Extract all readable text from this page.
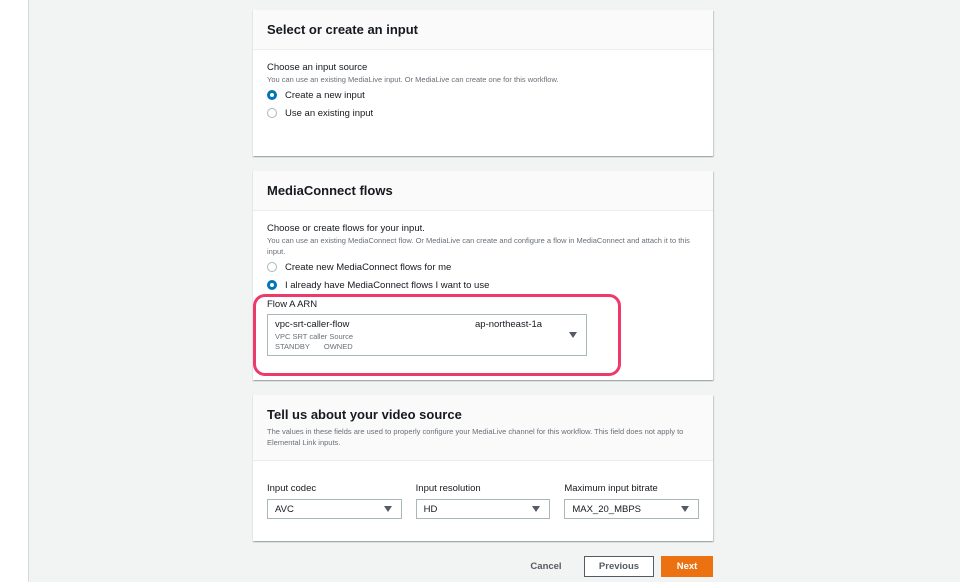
Select or create an input
Choose an input source
You can use an existing MediaLive input. Or MediaLive can create one for this workflow.
Create a new input
Use an existing input
MediaConnect flows
Choose or create flows for your input.
You can use an existing MediaConnect flow. Or MediaLive can create and configure a flow in MediaConnect and attach it to this input.
Create new MediaConnect flows for me
I already have MediaConnect flows I want to use
Flow A ARN
vpc-srt-caller-flow	ap-northeast-1a
VPC SRT caller Source
STANDBY OWNED
Tell us about your video source
The values in these fields are used to properly configure your MediaLive channel for this workflow. This field does not apply to Elemental Link inputs.
Input codec
AVC
Input resolution
HD
Maximum input bitrate
MAX_20_MBPS
Cancel	Previous	Next
